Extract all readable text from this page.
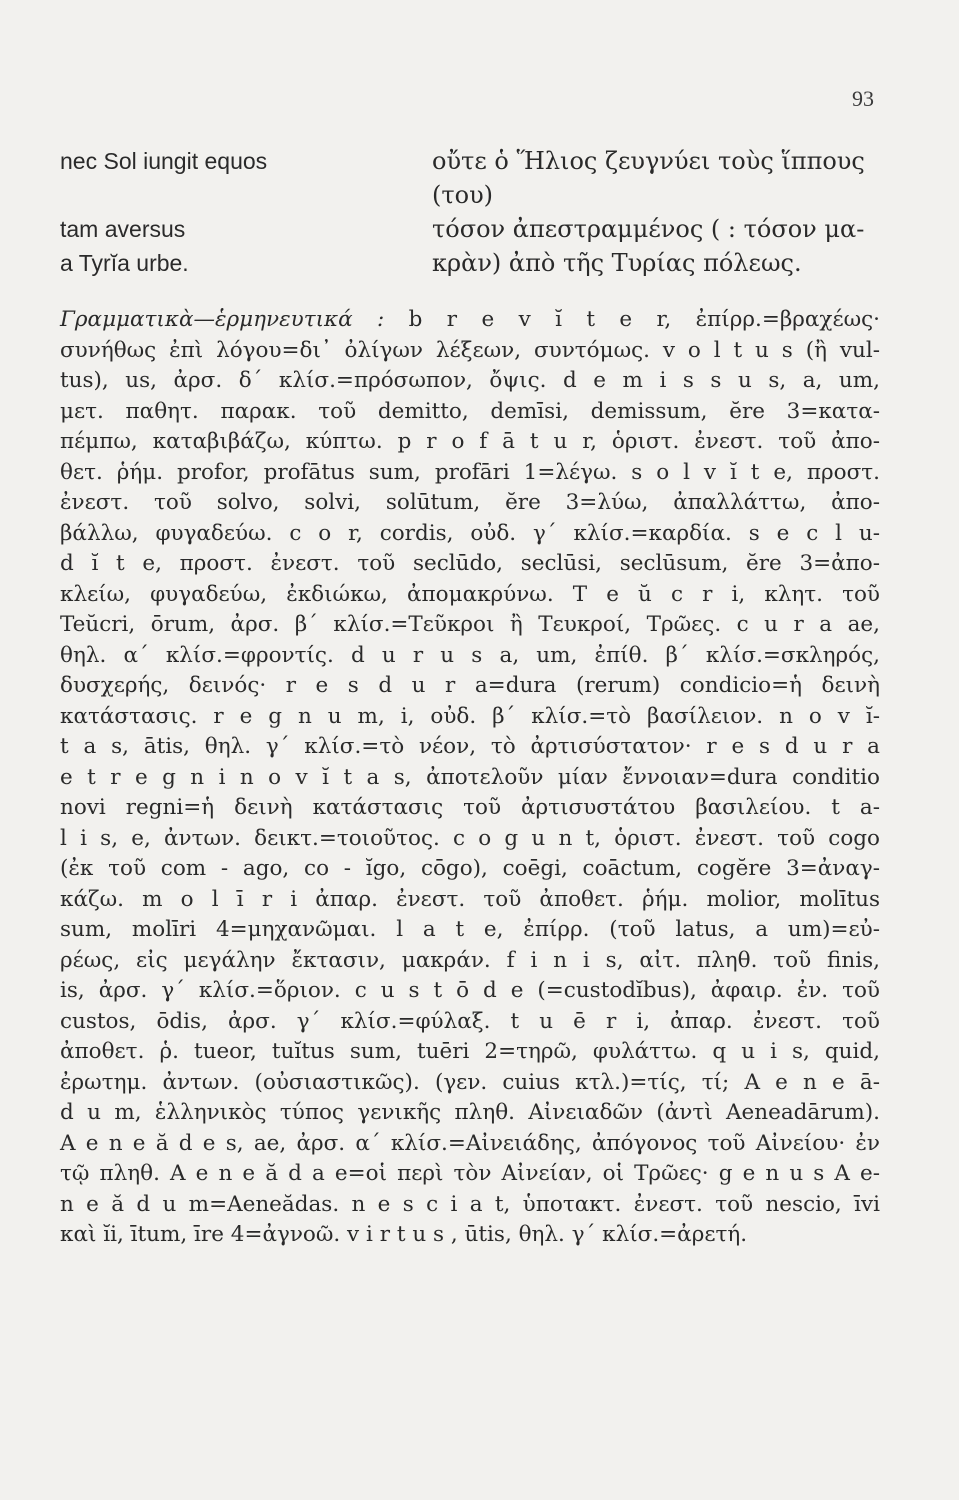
93
nec Sol iungit equos	οὔτε ὁ Ἥλιος ζευγνύει τοὺς ἵππους
(του)
tam aversus	τόσον ἀπεστραμμένος ( : τόσον μα-
a Tyrĭa urbe.	κρὰν) ἀπὸ τῆς Τυρίας πόλεως.
Γραμματικὰ—ἑρμηνευτικά : b r e v ĭ t e r, ἐπίρρ.=βραχέως·
συνήθως ἐπὶ λόγου=δι᾽ ὀλίγων λέξεων, συντόμως. v o l t u s (ἢ vul-
tus), us, ἀρσ. δ΄ κλίσ.=πρόσωπον, ὄψις. d e m i s s u s, a, um,
μετ. παθητ. παρακ. τοῦ demitto, demīsi, demissum, ĕre 3=κατα-
πέμπω, καταβιβάζω, κύπτω. p r o f ā t u r, ὁριστ. ἐνεστ. τοῦ ἀπο-
θετ. ῥήμ. profor, profātus sum, profāri 1=λέγω. s o l v ĭ t e, προστ.
ἐνεστ. τοῦ solvo, solvi, solūtum, ĕre 3=λύω, ἀπαλλάττω, ἀπο-
βάλλω, φυγαδεύω. c o r, cordis, οὐδ. γ΄ κλίσ.=καρδία. s e c l u-
d ĭ t e, προστ. ἐνεστ. τοῦ seclūdo, seclūsi, seclūsum, ĕre 3=ἀπο-
κλείω, φυγαδεύω, ἐκδιώκω, ἀπομακρύνω. T e ŭ c r i, κλητ. τοῦ
Teŭcri, ōrum, ἀρσ. β΄ κλίσ.=Τεῦκροι ἢ Τευκροί, Τρῶες. c u r a ae,
θηλ. α΄ κλίσ.=φροντίς. d u r u s a, um, ἐπίθ. β΄ κλίσ.=σκληρός,
δυσχερής, δεινός· r e s d u r a=dura (rerum) condicio=ἡ δεινὴ
κατάστασις. r e g n u m, i, οὐδ. β΄ κλίσ.=τὸ βασίλειον. n o v ĭ-
t a s, ātis, θηλ. γ΄ κλίσ.=τὸ νέον, τὸ ἀρτισύστατον· r e s d u r a
e t r e g n i n o v ĭ t a s, ἀποτελοῦν μίαν ἔννοιαν=dura conditio
novi regni=ἡ δεινὴ κατάστασις τοῦ ἀρτισυστάτου βασιλείου. t a-
l i s, e, ἀντων. δεικτ.=τοιοῦτος. c o g u n t, ὁριστ. ἐνεστ. τοῦ cogo
(ἐκ τοῦ com - ago, co - ĭgo, cōgo), coēgi, coāctum, cogĕre 3=ἀναγ-
κάζω. m o l ī r i ἀπαρ. ἐνεστ. τοῦ ἀποθετ. ῥήμ. molior, molītus
sum, molīri 4=μηχανῶμαι. l a t e, ἐπίρρ. (τοῦ latus, a um)=εὐ-
ρέως, εἰς μεγάλην ἔκτασιν, μακράν. f i n i s, αἰτ. πληθ. τοῦ finis,
is, ἀρσ. γ΄ κλίσ.=ὅριον. c u s t ō d e (=custodĭbus), ἀφαιρ. ἐν. τοῦ
custos, ōdis, ἀρσ. γ΄ κλίσ.=φύλαξ. t u ē r i, ἀπαρ. ἐνεστ. τοῦ
ἀποθετ. ῥ. tueor, tuĭtus sum, tuēri 2=τηρῶ, φυλάττω. q u i s, quid,
ἐρωτημ. ἀντων. (οὐσιαστικῶς). (γεν. cuius κτλ.)=τίς, τί; A e n e ā-
d u m, ἑλληνικὸς τύπος γενικῆς πληθ. Αἰνειαδῶν (ἀντὶ Aeneadārum).
A e n e ă d e s, ae, ἀρσ. α΄ κλίσ.=Αἰνειάδης, ἀπόγονος τοῦ Αἰνείου· ἐν
τῷ πληθ. A e n e ă d a e=οἱ περὶ τὸν Αἰνείαν, οἱ Τρῶες· g e n u s A e-
n e ă d u m=Aeneădas. n e s c i a t, ὑποτακτ. ἐνεστ. τοῦ nescio, īvi
καὶ ĭi, ītum, īre 4=ἀγνοῶ. v i r t u s , ūtis, θηλ. γ΄ κλίσ.=ἀρετή.
